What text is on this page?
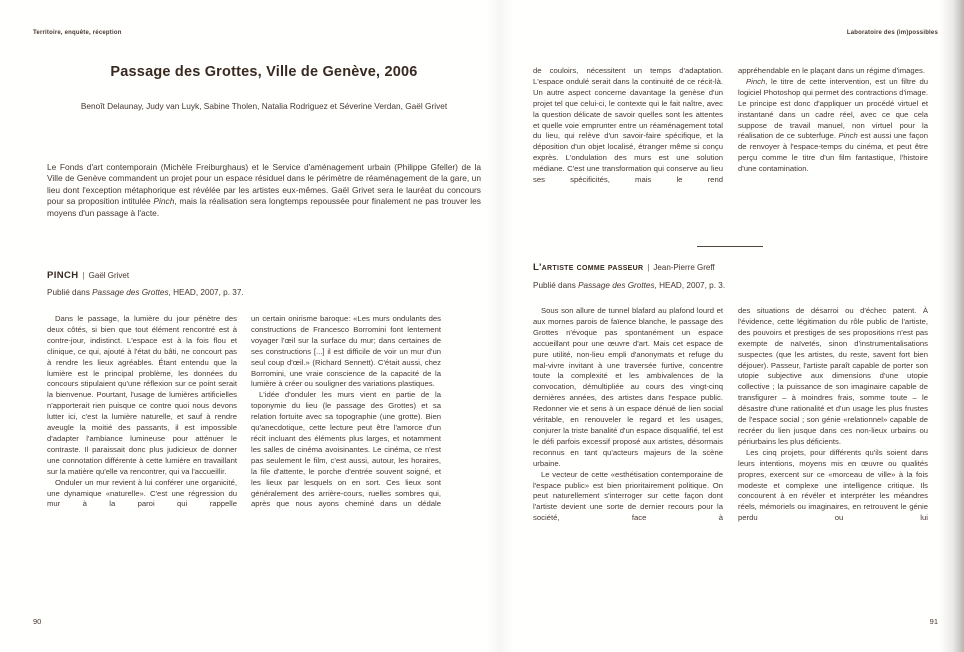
Territoire, enquête, réception
Passage des Grottes, Ville de Genève, 2006
Benoît Delaunay, Judy van Luyk, Sabine Tholen, Natalia Rodriguez et Séverine Verdan, Gaël Grivet
Le Fonds d'art contemporain (Michèle Freiburghaus) et le Service d'aménagement urbain (Philippe Gfeller) de la Ville de Genève commandent un projet pour un espace résiduel dans le périmètre de réaménagement de la gare, un lieu dont l'exception métaphorique est révélée par les artistes eux-mêmes. Gaël Grivet sera le lauréat du concours pour sa proposition intitulée Pinch, mais la réalisation sera longtemps repoussée pour finalement ne pas trouver les moyens d'un passage à l'acte.
PINCH | Gaël Grivet
Publié dans Passage des Grottes, HEAD, 2007, p. 37.

Dans le passage, la lumière du jour pénètre des deux côtés, si bien que tout élément rencontré est à contre-jour, indistinct. L'espace est à la fois flou et clinique, ce qui, ajouté à l'état du bâti, ne concourt pas à rendre les lieux agréables. Étant entendu que la lumière est le principal problème, les données du concours stipulaient qu'une réflexion sur ce point serait la bienvenue. Pourtant, l'usage de lumières artificielles n'apporterait rien puisque ce contre quoi nous devons lutter ici, c'est la lumière naturelle, et sauf à rendre aveugle la moitié des passants, il est impossible d'adapter l'ambiance lumineuse pour atténuer le contraste. Il paraissait donc plus judicieux de donner une connotation différente à cette lumière en travaillant sur la matière qu'elle va rencontrer, qui va l'accueillir.

Onduler un mur revient à lui conférer une organicité, une dynamique «naturelle». C'est une régression du mur à la paroi qui rappelle

un certain onirisme baroque: «Les murs ondulants des constructions de Francesco Borromini font lentement voyager l'œil sur la surface du mur; dans certaines de ses constructions [...] il est difficile de voir un mur d'un seul coup d'œil.» (Richard Sennett). C'était aussi, chez Borromini, une vraie conscience de la capacité de la lumière à créer ou souligner des variations plastiques.

L'idée d'onduler les murs vient en partie de la toponymie du lieu (le passage des Grottes) et sa relation fortuite avec sa topographie (une grotte). Bien qu'anecdotique, cette lecture peut être l'amorce d'un récit incluant des éléments plus larges, et notamment les salles de cinéma avoisinantes. Le cinéma, ce n'est pas seulement le film, c'est aussi, autour, les horaires, la file d'attente, le porche d'entrée souvent soigné, et les lieux par lesquels on en sort. Ces lieux sont généralement des arrière-cours, ruelles sombres qui, après que nous ayons cheminé dans un dédale

90
Laboratoire des (im)possibles

de couloirs, nécessitent un temps d'adaptation. L'espace ondulé serait dans la continuité de ce récit-là. Un autre aspect concerne davantage la genèse d'un projet tel que celui-ci, le contexte qui le fait naître, avec la question délicate de savoir quelles sont les attentes et quelle voie emprunter entre un réaménagement total du lieu, qui relève d'un savoir-faire spécifique, et la déposition d'un objet localisé, étranger même si conçu exprès. L'ondulation des murs est une solution médiane. C'est une transformation qui conserve au lieu ses spécificités, mais le rend

appréhendable en le plaçant dans un régime d'images.

Pinch, le titre de cette intervention, est un filtre du logiciel Photoshop qui permet des contractions d'image. Le principe est donc d'appliquer un procédé virtuel et instantané dans un cadre réel, avec ce que cela suppose de travail manuel, non virtuel pour la réalisation de ce subterfuge. Pinch est aussi une façon de renvoyer à l'espace-temps du cinéma, et peut être perçu comme le titre d'un film fantastique, l'histoire d'une contamination.

L'artiste comme passeur | Jean-Pierre Greff
Publié dans Passage des Grottes, HEAD, 2007, p. 3.

Sous son allure de tunnel blafard au plafond lourd et aux mornes parois de faïence blanche, le passage des Grottes n'évoque pas spontanément un espace accueillant pour une œuvre d'art. Mais cet espace de pure utilité, non-lieu empli d'anonymats et refuge du mal-vivre invitant à une traversée furtive, concentre toute la complexité et les ambivalences de la convocation, démultipliée au cours des vingt-cinq dernières années, des artistes dans l'espace public. Redonner vie et sens à un espace dénué de lien social véritable, en renouveler le regard et les usages, conjurer la triste banalité d'un espace disqualifié, tel est le défi parfois excessif proposé aux artistes, désormais reconnus en tant qu'acteurs majeurs de la scène urbaine.

Le vecteur de cette «esthétisation contemporaine de l'espace public» est bien prioritairement politique. On peut naturellement s'interroger sur cette façon dont l'artiste devient une sorte de dernier recours pour la société, face à

des situations de désarroi ou d'échec patent. À l'évidence, cette légitimation du rôle public de l'artiste, des pouvoirs et prestiges de ses propositions n'est pas exempte de naïvetés, sinon d'instrumentalisations suspectes (que les artistes, du reste, savent fort bien déjouer). Passeur, l'artiste paraît capable de porter son utopie subjective aux dimensions d'une utopie collective ; la puissance de son imaginaire capable de transfigurer – à moindres frais, somme toute – le désastre d'une rationalité et d'un usage les plus frustes de l'espace social ; son génie «relationnel» capable de recréer du lien jusque dans ces non-lieux urbains ou périurbains les plus déficients.

Les cinq projets, pour différents qu'ils soient dans leurs intentions, moyens mis en œuvre ou qualités propres, exercent sur ce «morceau de ville» à la fois modeste et complexe une intelligence critique. Ils concourent à en révéler et interpréter les méandres réels, mémoriels ou imaginaires, en retrouvent le génie perdu ou lui

91
